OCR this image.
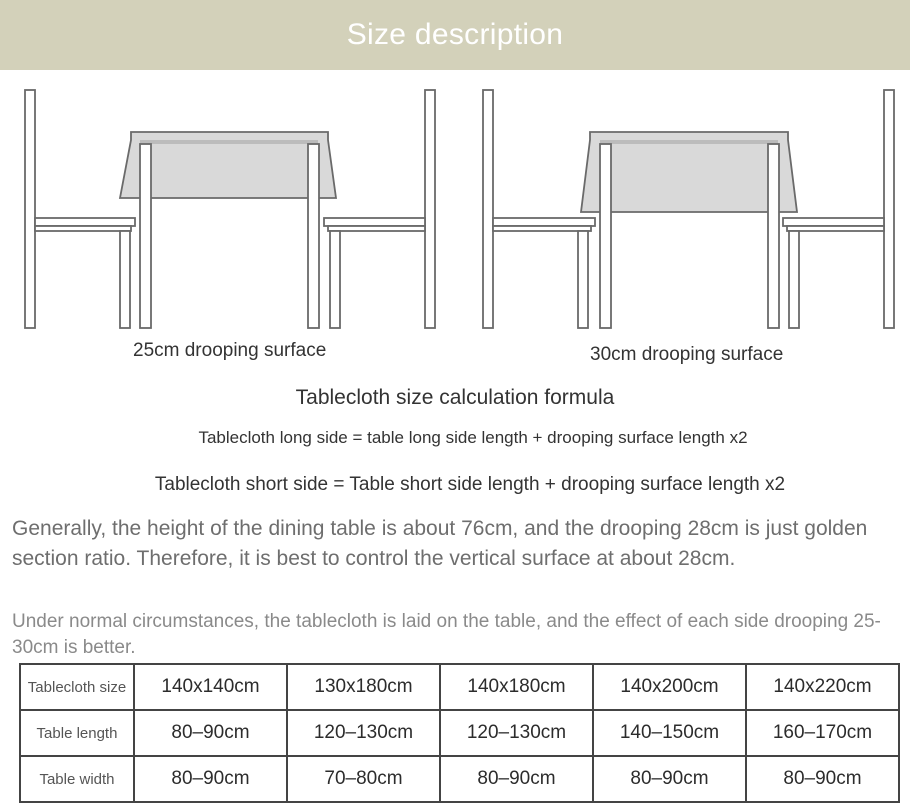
Size description
25cm drooping surface	30cm drooping surface
Tablecloth size calculation formula
Tablecloth long side = table long side length + drooping surface length x2
Tablecloth short side = Table short side length + drooping surface length x2
Generally, the height of the dining table is about 76cm, and the drooping 28cm is just golden section ratio. Therefore, it is best to control the vertical surface at about 28cm.
Under normal circumstances, the tablecloth is laid on the table, and the effect of each side drooping 25-30cm is better.
Tablecloth size	140x140cm	130x180cm	140x180cm	140x200cm	140x220cm
Table length	80‒90cm	120‒130cm	120‒130cm	140‒150cm	160‒170cm
Table width	80‒90cm	70‒80cm	80‒90cm	80‒90cm	80‒90cm
